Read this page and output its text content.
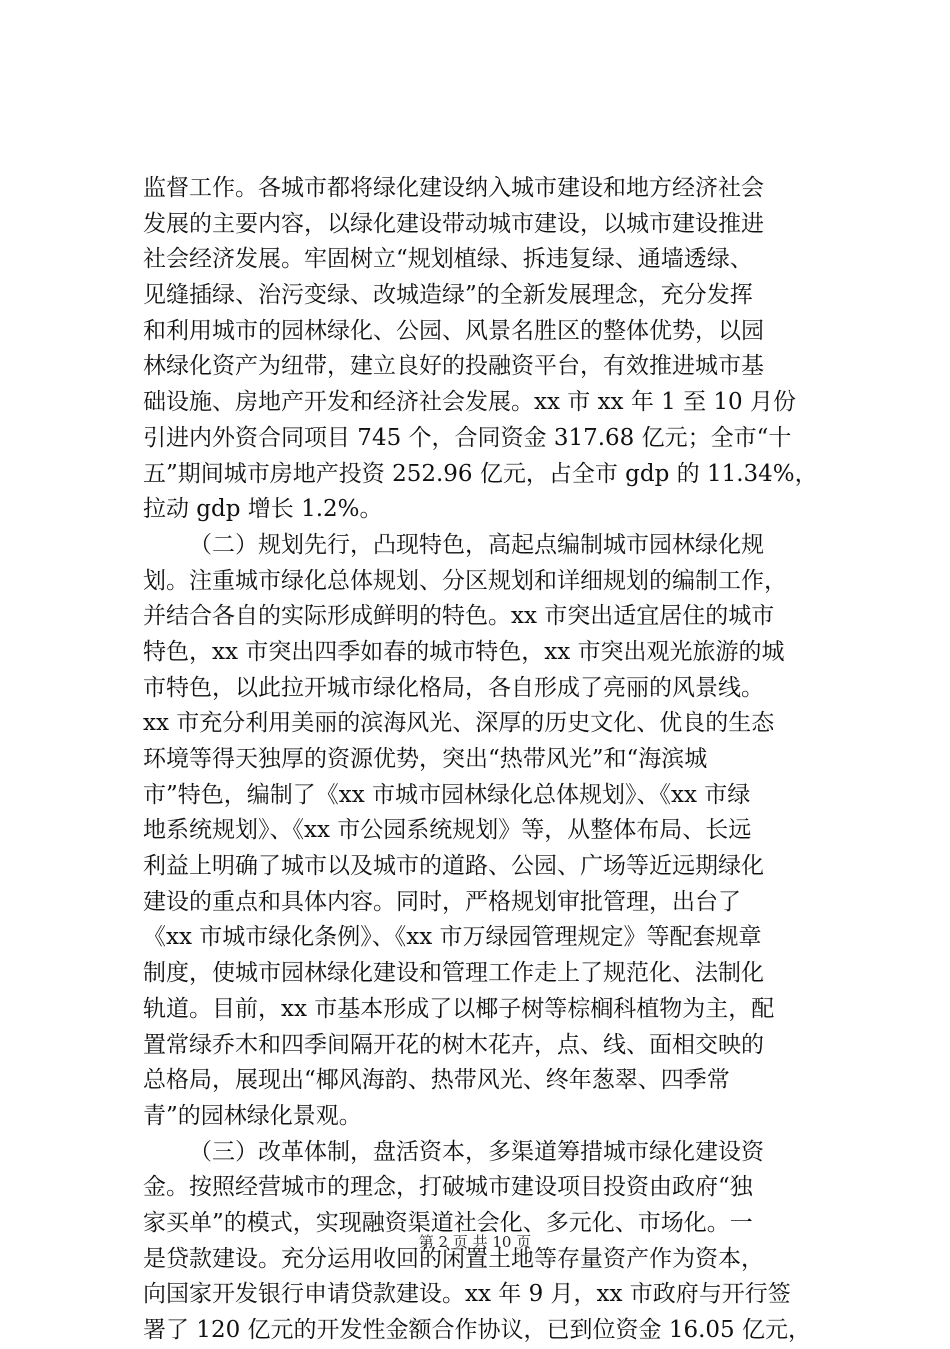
监督工作。各城市都将绿化建设纳入城市建设和地方经济社会
发展的主要内容，以绿化建设带动城市建设，以城市建设推进
社会经济发展。牢固树立“规划植绿、拆违复绿、通墙透绿、
见缝插绿、治污变绿、改城造绿”的全新发展理念，充分发挥
和利用城市的园林绿化、公园、风景名胜区的整体优势，以园
林绿化资产为纽带，建立良好的投融资平台，有效推进城市基
础设施、房地产开发和经济社会发展。xx 市 xx 年 1 至 10 月份
引进内外资合同项目 745 个，合同资金 317.68 亿元；全市“十
五”期间城市房地产投资 252.96 亿元，占全市 gdp 的 11.34%，
拉动 gdp 增长 1.2%。
（二）规划先行，凸现特色，高起点编制城市园林绿化规
划。注重城市绿化总体规划、分区规划和详细规划的编制工作，
并结合各自的实际形成鲜明的特色。xx 市突出适宜居住的城市
特色，xx 市突出四季如春的城市特色，xx 市突出观光旅游的城
市特色，以此拉开城市绿化格局，各自形成了亮丽的风景线。
xx 市充分利用美丽的滨海风光、深厚的历史文化、优良的生态
环境等得天独厚的资源优势，突出“热带风光”和“海滨城
市”特色，编制了《xx 市城市园林绿化总体规划》、《xx 市绿
地系统规划》、《xx 市公园系统规划》等，从整体布局、长远
利益上明确了城市以及城市的道路、公园、广场等近远期绿化
建设的重点和具体内容。同时，严格规划审批管理，出台了
《xx 市城市绿化条例》、《xx 市万绿园管理规定》等配套规章
制度，使城市园林绿化建设和管理工作走上了规范化、法制化
轨道。目前，xx 市基本形成了以椰子树等棕榈科植物为主，配
置常绿乔木和四季间隔开花的树木花卉，点、线、面相交映的
总格局，展现出“椰风海韵、热带风光、终年葱翠、四季常
青”的园林绿化景观。
（三）改革体制，盘活资本，多渠道筹措城市绿化建设资
金。按照经营城市的理念，打破城市建设项目投资由政府“独
家买单”的模式，实现融资渠道社会化、多元化、市场化。一
是贷款建设。充分运用收回的闲置土地等存量资产作为资本，
向国家开发银行申请贷款建设。xx 年 9 月，xx 市政府与开行签
署了 120 亿元的开发性金额合作协议，已到位资金 16.05 亿元，
第 2 页 共 10 页
